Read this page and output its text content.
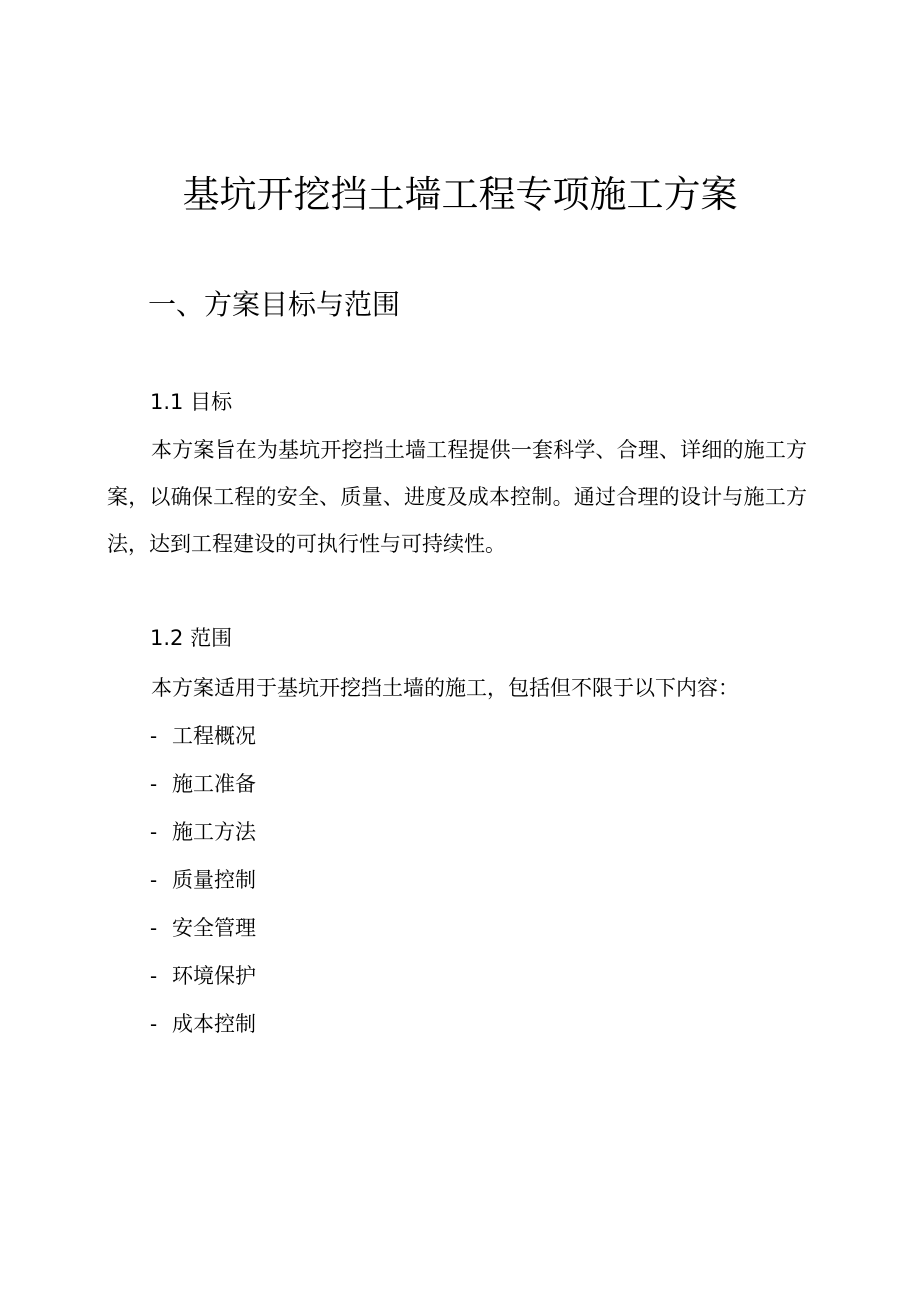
基坑开挖挡土墙工程专项施工方案
一、方案目标与范围
1.1 目标

本方案旨在为基坑开挖挡土墙工程提供一套科学、合理、详细的施工方案，以确保工程的安全、质量、进度及成本控制。通过合理的设计与施工方法，达到工程建设的可执行性与可持续性。

1.2 范围

本方案适用于基坑开挖挡土墙的施工，包括但不限于以下内容：

- 工程概况
- 施工准备
- 施工方法
- 质量控制
- 安全管理
- 环境保护
- 成本控制
